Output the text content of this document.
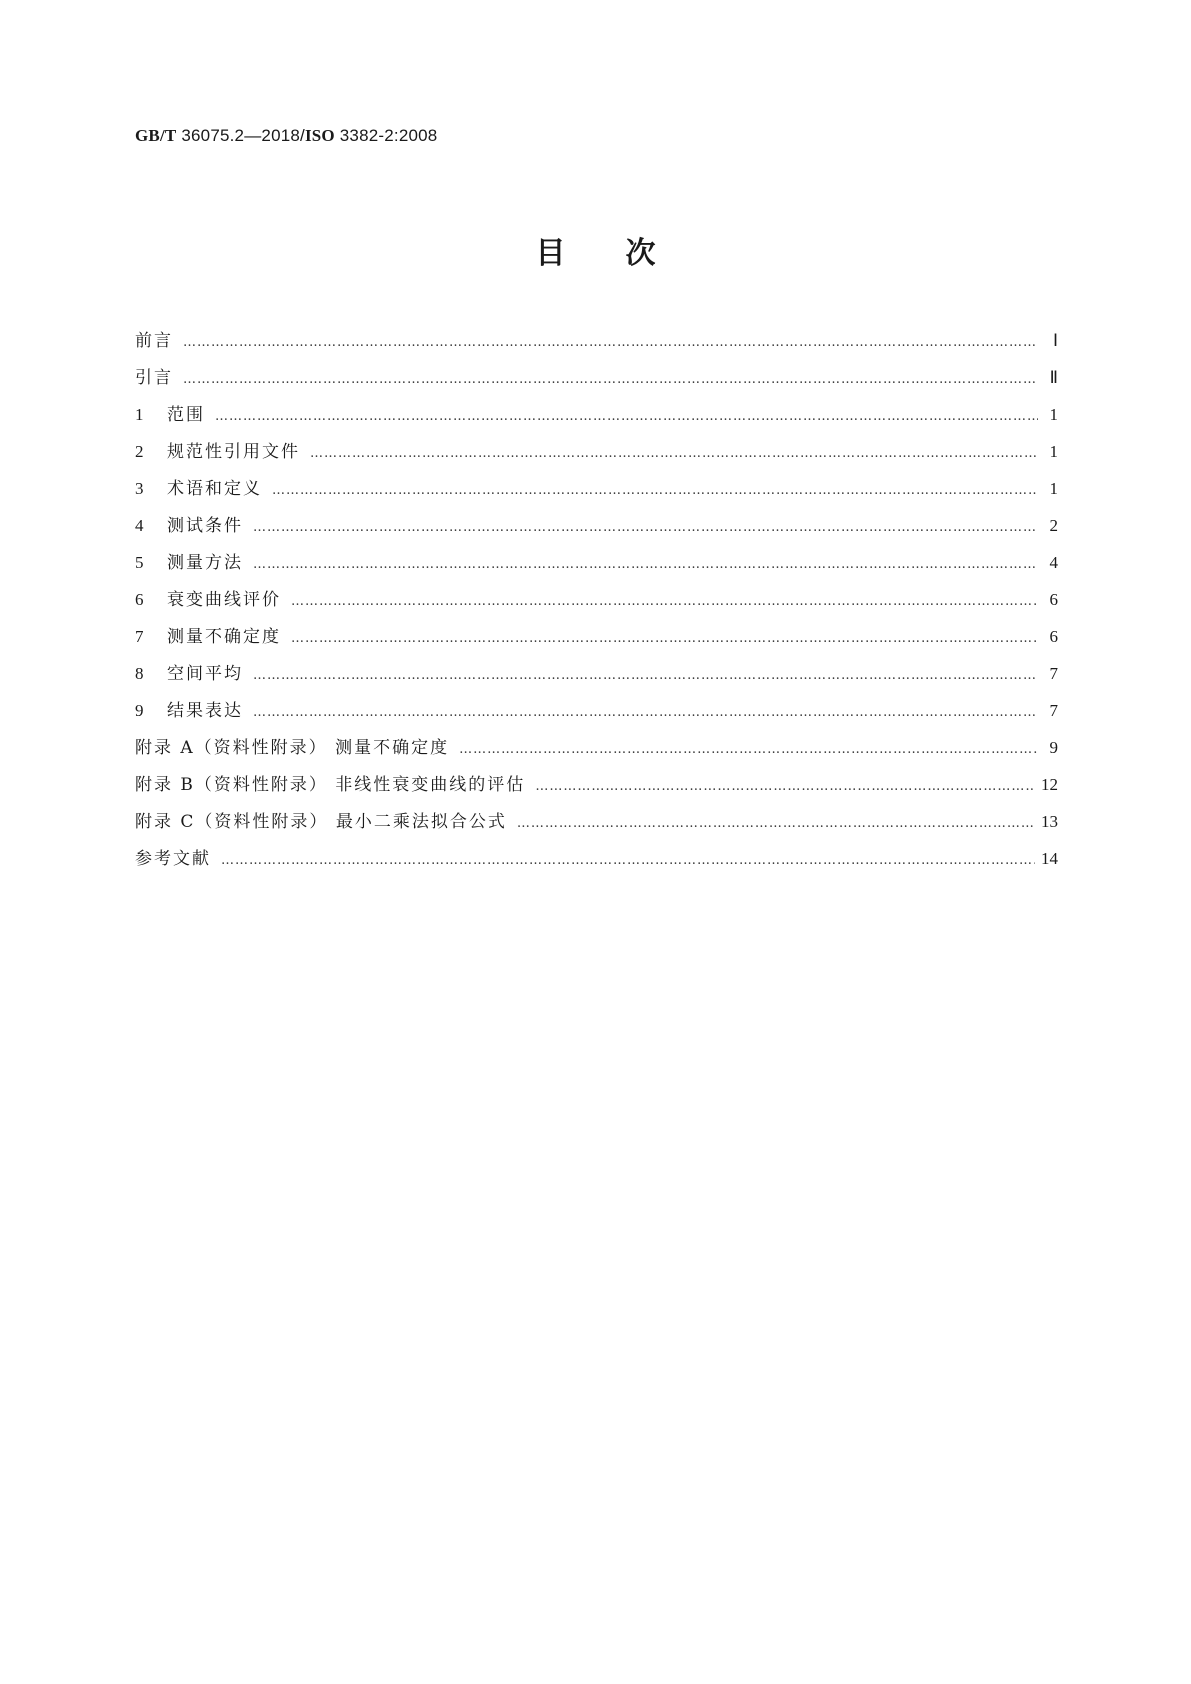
GB/T 36075.2—2018/ISO 3382-2:2008
目次
前言 ……………………………………………………………………………………………………………………………………………………………………………………………………………………………………………………	Ⅰ
引言 ……………………………………………………………………………………………………………………………………………………………………………………………………………………………………………………	Ⅱ
1	范围 ……………………………………………………………………………………………………………………………………………………………………………………………………………………………………………………	1
2	规范性引用文件 ……………………………………………………………………………………………………………………………………………………………………………………………………………………………………………………	1
3	术语和定义 ……………………………………………………………………………………………………………………………………………………………………………………………………………………………………………………	1
4	测试条件 ……………………………………………………………………………………………………………………………………………………………………………………………………………………………………………………	2
5	测量方法 ……………………………………………………………………………………………………………………………………………………………………………………………………………………………………………………	4
6	衰变曲线评价 ……………………………………………………………………………………………………………………………………………………………………………………………………………………………………………………	6
7	测量不确定度 ……………………………………………………………………………………………………………………………………………………………………………………………………………………………………………………	6
8	空间平均 ……………………………………………………………………………………………………………………………………………………………………………………………………………………………………………………	7
9	结果表达 ……………………………………………………………………………………………………………………………………………………………………………………………………………………………………………………	7
附录 A（资料性附录） 测量不确定度 ……………………………………………………………………………………………………………………………………………………………………………………………………………………………………………………	9
附录 B（资料性附录） 非线性衰变曲线的评估 ……………………………………………………………………………………………………………………………………………………………………………………………………………………………………………………	12
附录 C（资料性附录） 最小二乘法拟合公式 ……………………………………………………………………………………………………………………………………………………………………………………………………………………………………………………	13
参考文献 ……………………………………………………………………………………………………………………………………………………………………………………………………………………………………………………	14
